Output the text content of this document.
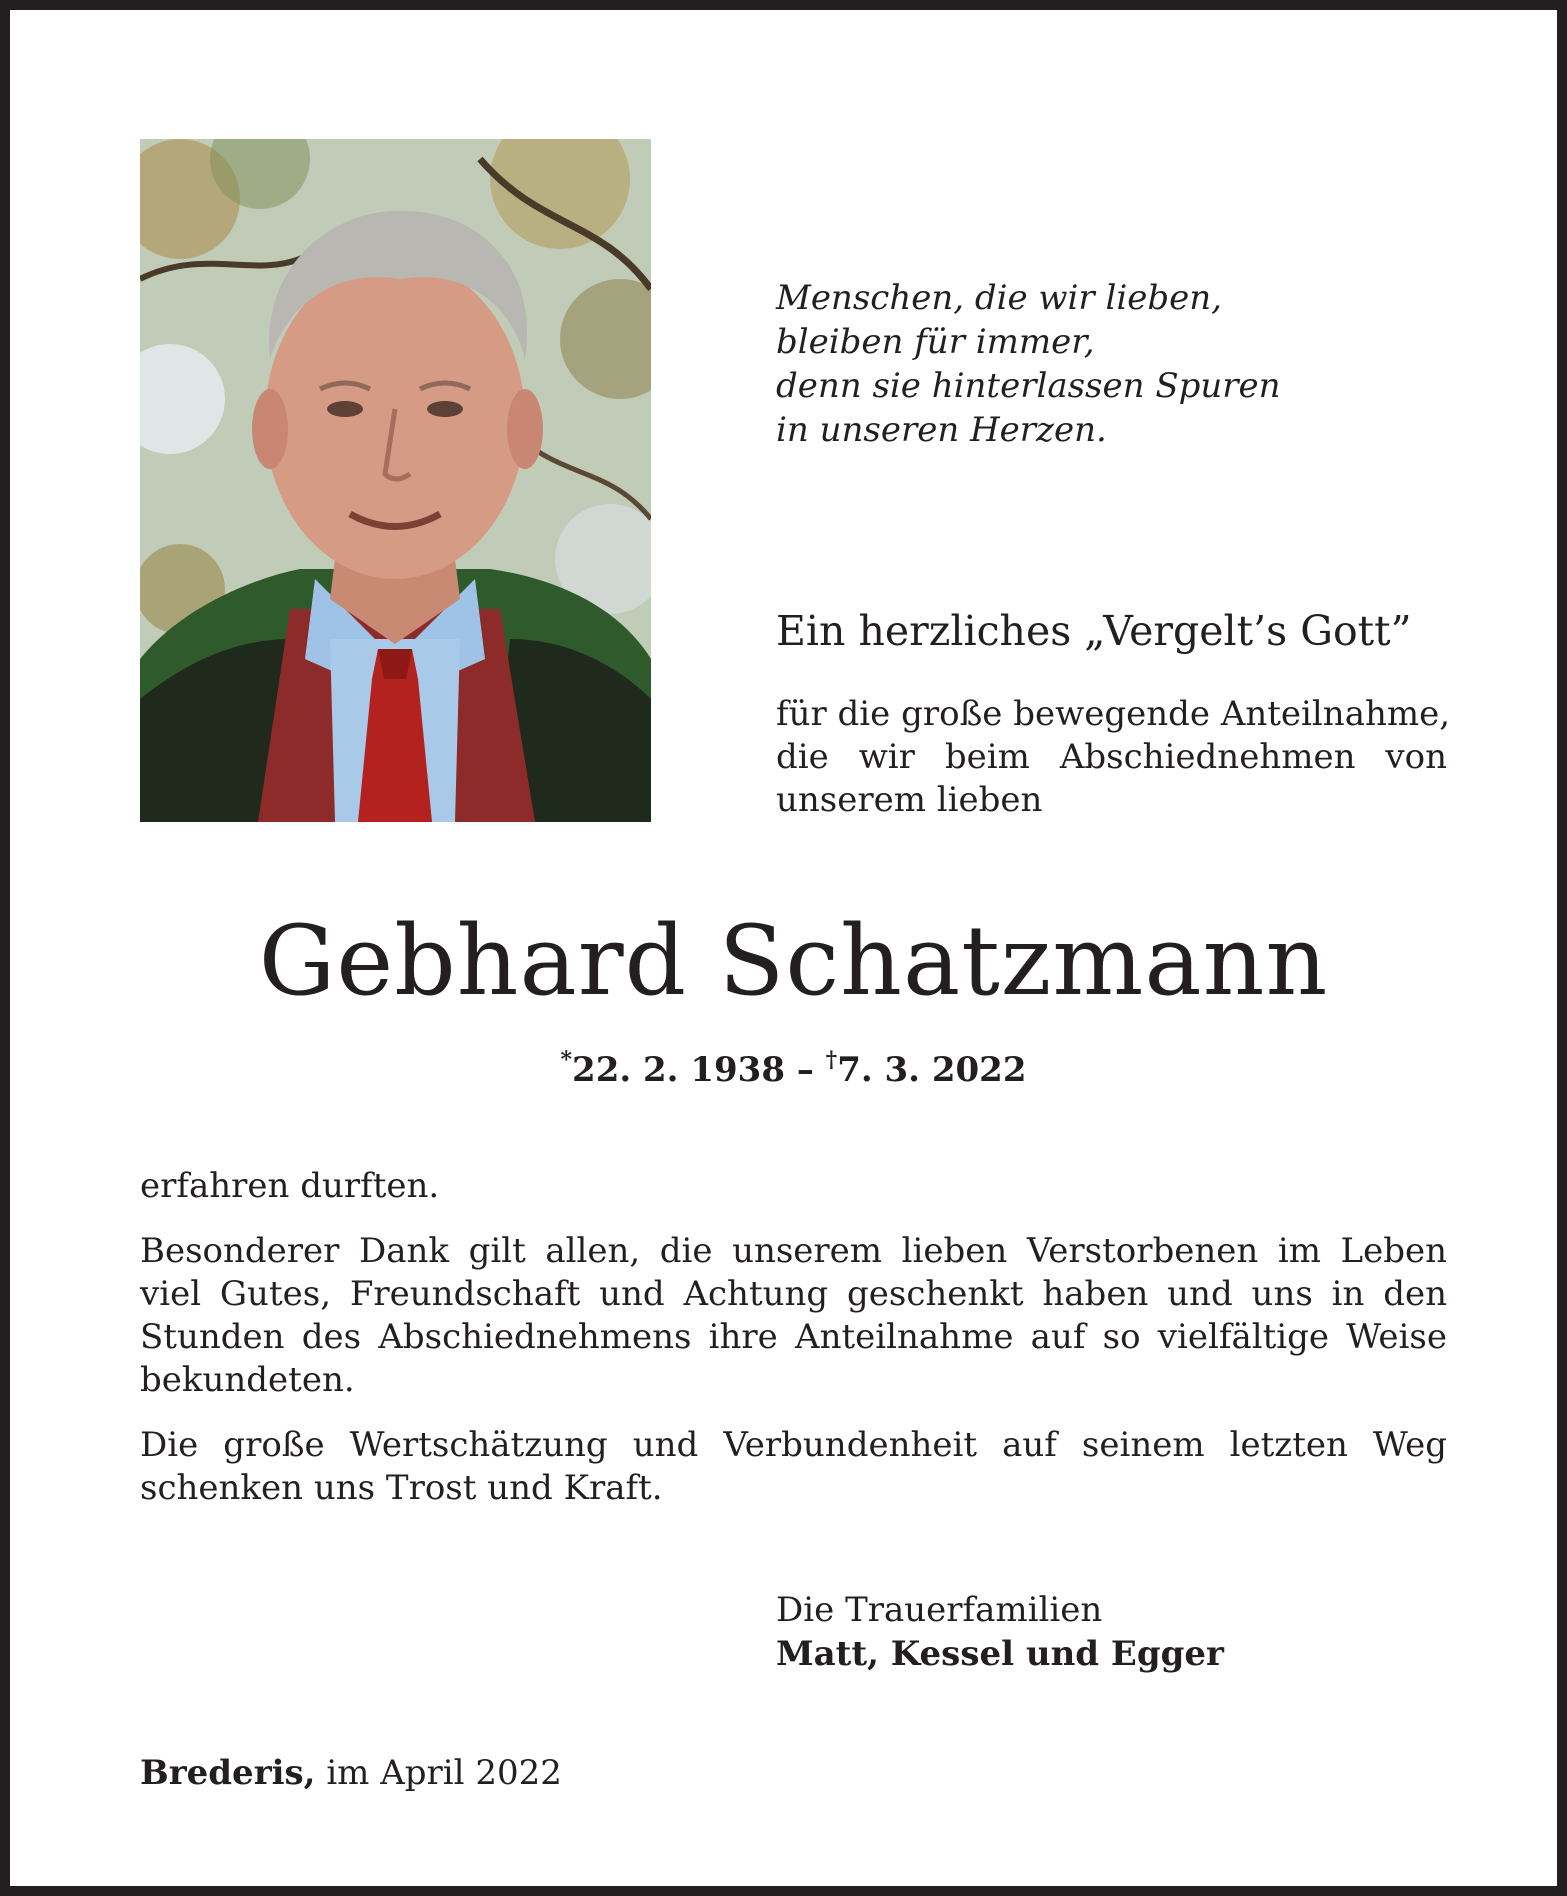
Menschen, die wir lieben,
bleiben für immer,
denn sie hinterlassen Spuren
in unseren Herzen.

Ein herzliches „Vergelt’s Gott”

für die große bewegende Anteilnahme,
die wir beim Abschiednehmen von
unserem lieben

Gebhard Schatzmann
*22. 2. 1938 – †7. 3. 2022

erfahren durften.

Besonderer Dank gilt allen, die unserem lieben Verstorbenen im Leben
viel Gutes, Freundschaft und Achtung geschenkt haben und uns in den
Stunden des Abschiednehmens ihre Anteilnahme auf so vielfältige Weise
bekundeten.
Die große Wertschätzung und Verbundenheit auf seinem letzten Weg
schenken uns Trost und Kraft.
Die Trauerfamilien
Matt, Kessel und Egger
Brederis, im April 2022
